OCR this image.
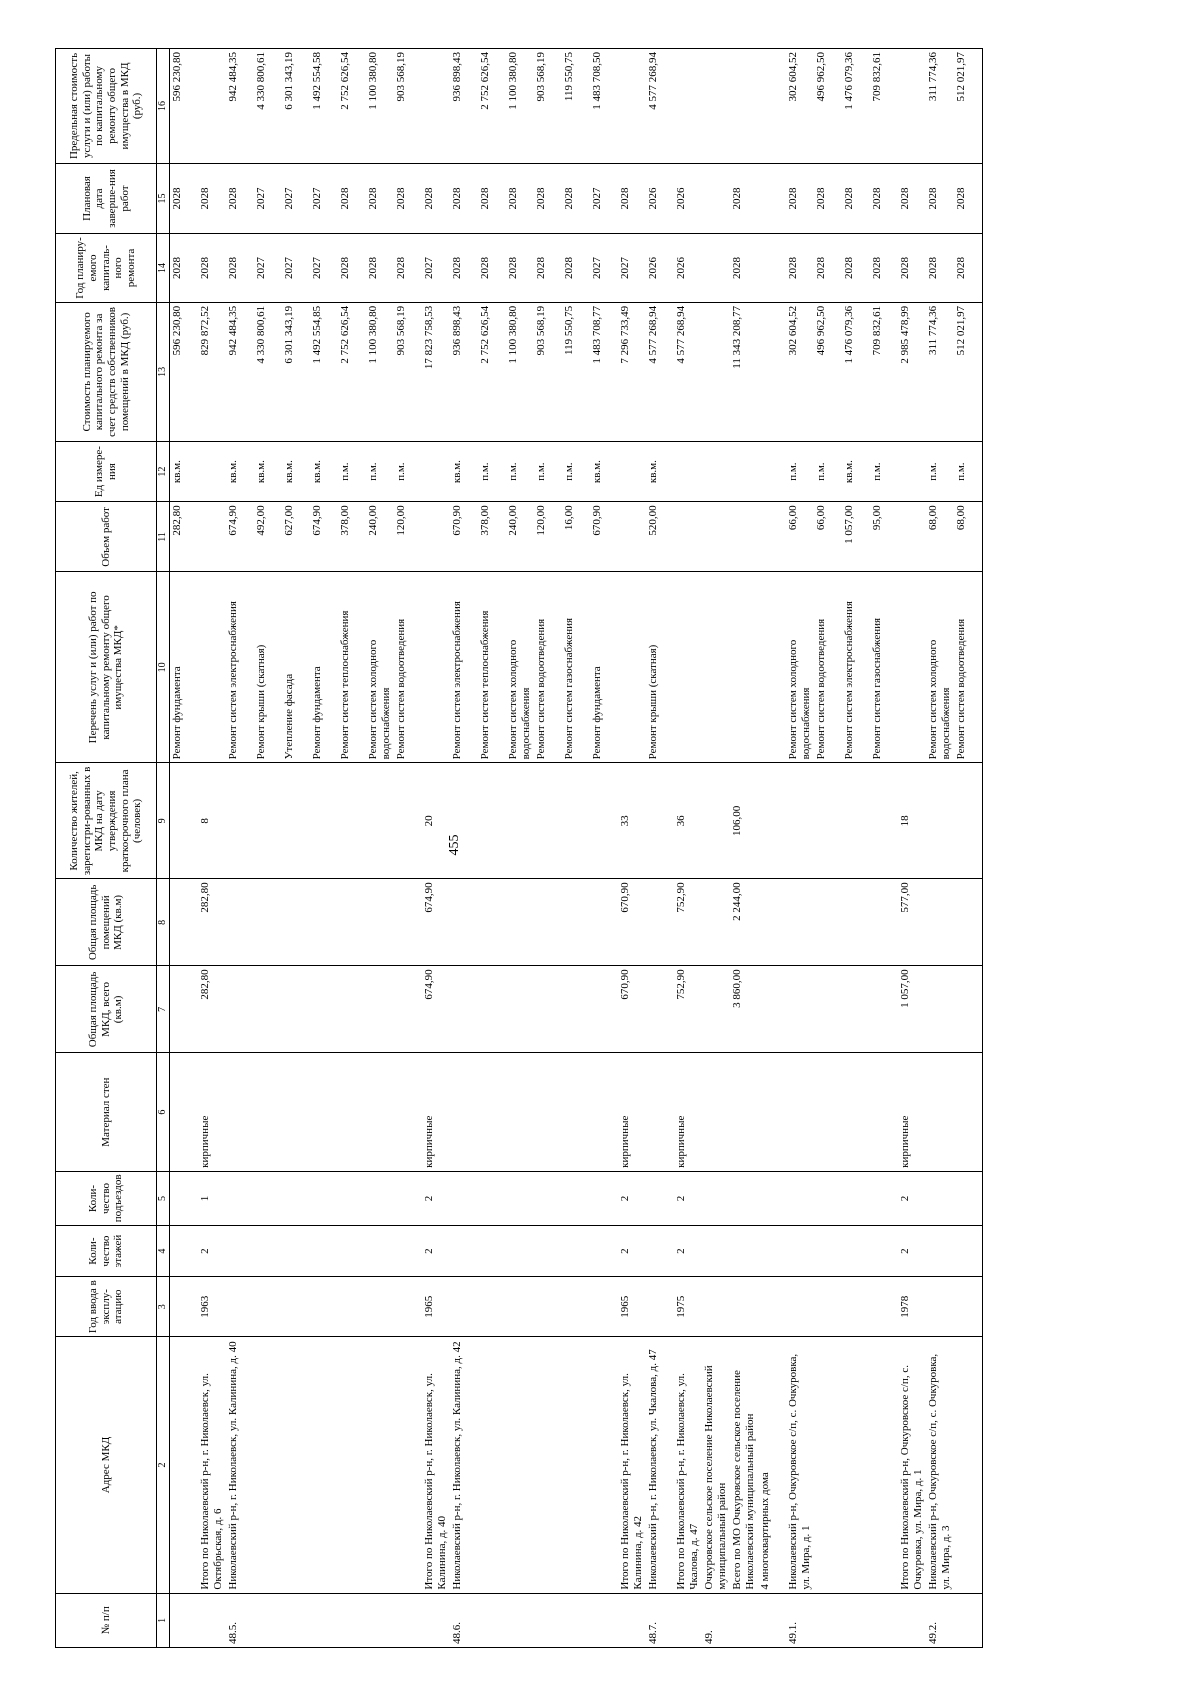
455
№ п/п	Адрес МКД	Год ввода в эксплу-атацию	Коли-чество этажей	Коли-чество подъездов	Материал стен	Общая площадь МКД, всего (кв.м)	Общая площадь помещений МКД (кв.м)	Количество жителей, зарегистри-рованных в МКД на дату утверждения краткосрочного плана (человек)	Перечень услуг и (или) работ по капитальному ремонту общего имущества МКД*	Объем работ	Ед измере-ния	Стоимость планируемого капитального ремонта за счет средств собственников помещений в МКД (руб.)	Год планиру-емого капиталь-ного ремонта	Плановая дата заверше-ния работ	Предельная стоимость услуги и (или) работы по капитальному ремонту общего имущества в МКД (руб.)
1	2	3	4	5	6	7	8	9	10	11	12	13	14	15	16
									Ремонт фундамента	282,80	кв.м.	596 230,80	2028	2028	596 230,80
	Итого по Николаевский р-н, г. Николаевск, ул. Октябрьская, д. 6	1963	2	1	кирпичные	282,80	282,80	8				829 872,52	2028	2028	
48.5.	Николаевский р-н, г. Николаевск, ул. Калинина, д. 40								Ремонт систем электроснабжения	674,90	кв.м.	942 484,35	2028	2028	942 484,35
									Ремонт крыши (скатная)	492,00	кв.м.	4 330 800,61	2027	2027	4 330 800,61
									Утепление фасада	627,00	кв.м.	6 301 343,19	2027	2027	6 301 343,19
									Ремонт фундамента	674,90	кв.м.	1 492 554,85	2027	2027	1 492 554,58
									Ремонт систем теплоснабжения	378,00	п.м.	2 752 626,54	2028	2028	2 752 626,54
									Ремонт систем холодного водоснабжения	240,00	п.м.	1 100 380,80	2028	2028	1 100 380,80
									Ремонт систем водоотведения	120,00	п.м.	903 568,19	2028	2028	903 568,19
	Итого по Николаевский р-н, г. Николаевск, ул. Калинина, д. 40	1965	2	2	кирпичные	674,90	674,90	20				17 823 758,53	2027	2028	
48.6.	Николаевский р-н, г. Николаевск, ул. Калинина, д. 42								Ремонт систем электроснабжения	670,90	кв.м.	936 898,43	2028	2028	936 898,43
									Ремонт систем теплоснабжения	378,00	п.м.	2 752 626,54	2028	2028	2 752 626,54
									Ремонт систем холодного водоснабжения	240,00	п.м.	1 100 380,80	2028	2028	1 100 380,80
									Ремонт систем водоотведения	120,00	п.м.	903 568,19	2028	2028	903 568,19
									Ремонт систем газоснабжения	16,00	п.м.	119 550,75	2028	2028	119 550,75
									Ремонт фундамента	670,90	кв.м.	1 483 708,77	2027	2027	1 483 708,50
	Итого по Николаевский р-н, г. Николаевск, ул. Калинина, д. 42	1965	2	2	кирпичные	670,90	670,90	33				7 296 733,49	2027	2028	
48.7.	Николаевский р-н, г. Николаевск, ул. Чкалова, д. 47								Ремонт крыши (скатная)	520,00	кв.м.	4 577 268,94	2026	2026	4 577 268,94
	Итого по Николаевский р-н, г. Николаевск, ул. Чкалова, д. 47	1975	2	2	кирпичные	752,90	752,90	36				4 577 268,94	2026	2026	
49.	Очкуровское сельское поселение Николаевский муниципальный район														
	Всего по МО Очкуровское сельское поселение Николаевский муниципальный район					3 860,00	2 244,00	106,00				11 343 208,77	2028	2028	
	4 многоквартирных дома														
49.1.	Николаевский р-н, Очкуровское с/п, с. Очкуровка, ул. Мира, д. 1								Ремонт систем холодного водоснабжения	66,00	п.м.	302 604,52	2028	2028	302 604,52
									Ремонт систем водоотведения	66,00	п.м.	496 962,50	2028	2028	496 962,50
									Ремонт систем электроснабжения	1 057,00	кв.м.	1 476 079,36	2028	2028	1 476 079,36
									Ремонт систем газоснабжения	95,00	п.м.	709 832,61	2028	2028	709 832,61
	Итого по Николаевский р-н, Очкуровское с/п, с. Очкуровка, ул. Мира, д. 1	1978	2	2	кирпичные	1 057,00	577,00	18				2 985 478,99	2028	2028	
49.2.	Николаевский р-н, Очкуровское с/п, с. Очкуровка, ул. Мира, д. 3								Ремонт систем холодного водоснабжения	68,00	п.м.	311 774,36	2028	2028	311 774,36
									Ремонт систем водоотведения	68,00	п.м.	512 021,97	2028	2028	512 021,97
